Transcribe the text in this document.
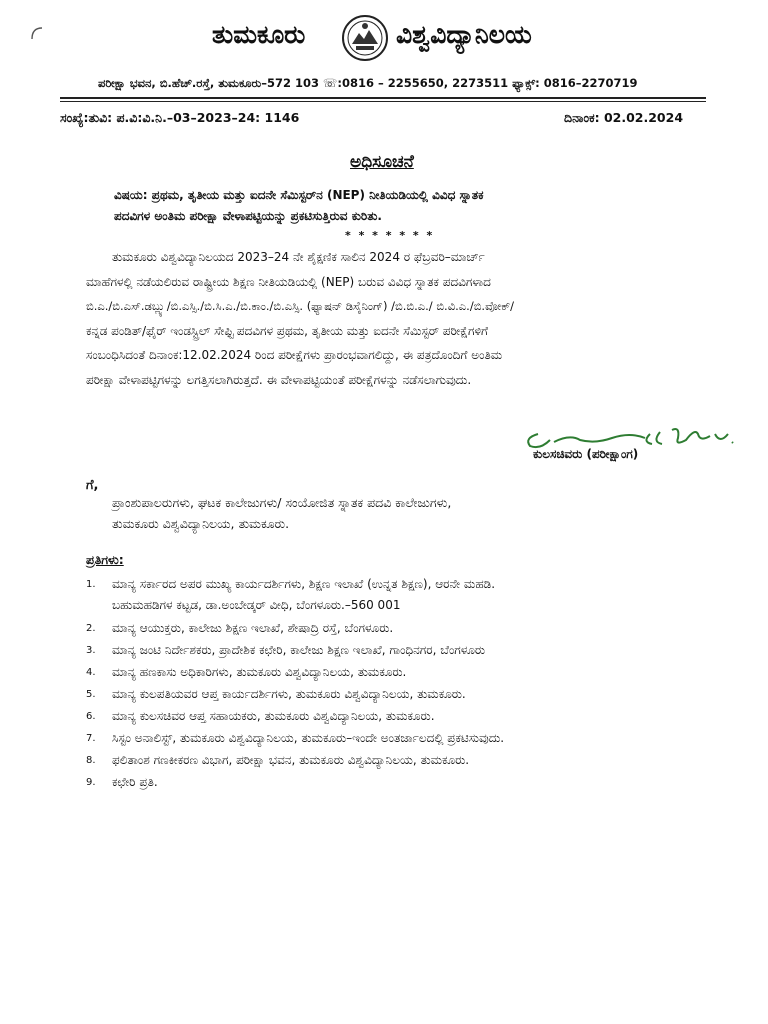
ತುಮಕೂರು	ವಿಶ್ವವಿದ್ಯಾನಿಲಯ
ಪರೀಕ್ಷಾ ಭವನ, ಬಿ.ಹೆಚ್.ರಸ್ತೆ, ತುಮಕೂರು–572 103 ☏:0816 – 2255650, 2273511 ಫ್ಯಾಕ್ಸ್: 0816–2270719
ಸಂಖ್ಯೆ:ತುವಿ: ಪ.ವಿ:ವಿ.ನಿ.–03–2023–24: 1146	ದಿನಾಂಕ: 02.02.2024
ಅಧಿಸೂಚನೆ
ವಿಷಯ: ಪ್ರಥಮ, ತೃತೀಯ ಮತ್ತು ಐದನೇ ಸೆಮಿಸ್ಟರ್‌ನ (NEP) ನೀತಿಯಡಿಯಲ್ಲಿ ವಿವಿಧ ಸ್ನಾತಕ
ಪದವಿಗಳ ಅಂತಿಮ ಪರೀಕ್ಷಾ ವೇಳಾಪಟ್ಟಿಯನ್ನು ಪ್ರಕಟಿಸುತ್ತಿರುವ ಕುರಿತು.
* * * * * * *
ತುಮಕೂರು ವಿಶ್ವವಿದ್ಯಾನಿಲಯದ 2023–24 ನೇ ಶೈಕ್ಷಣಿಕ ಸಾಲಿನ 2024 ರ ಫೆಬ್ರವರಿ–ಮಾರ್ಚ್
ಮಾಹೆಗಳಲ್ಲಿ ನಡೆಯಲಿರುವ ರಾಷ್ಟ್ರೀಯ ಶಿಕ್ಷಣ ನೀತಿಯಡಿಯಲ್ಲಿ (NEP) ಬರುವ ವಿವಿಧ ಸ್ನಾತಕ ಪದವಿಗಳಾದ
ಬಿ.ಎ./ಬಿ.ಎಸ್.ಡಬ್ಲ್ಯು/ಬಿ.ಎಸ್ಸಿ./ಬಿ.ಸಿ.ಎ./ಬಿ.ಕಾಂ./ಬಿ.ಎಸ್ಸಿ. (ಫ್ಯಾಷನ್ ಡಿಸೈನಿಂಗ್) /ಬಿ.ಬಿ.ಎ./ ಬಿ.ವಿ.ಎ./ಬಿ.ವೋಕ್/
ಕನ್ನಡ ಪಂಡಿತ್/ಫೈರ್ ಇಂಡಸ್ಟ್ರಿಲ್ ಸೇಫ್ಟಿ ಪದವಿಗಳ ಪ್ರಥಮ, ತೃತೀಯ ಮತ್ತು ಐದನೇ ಸೆಮಿಸ್ಟರ್ ಪರೀಕ್ಷೆಗಳಿಗೆ
ಸಂಬಂಧಿಸಿದಂತೆ ದಿನಾಂಕ:12.02.2024 ರಿಂದ ಪರೀಕ್ಷೆಗಳು ಪ್ರಾರಂಭವಾಗಲಿದ್ದು, ಈ ಪತ್ರದೊಂದಿಗೆ ಅಂತಿಮ
ಪರೀಕ್ಷಾ ವೇಳಾಪಟ್ಟಿಗಳನ್ನು ಲಗತ್ತಿಸಲಾಗಿರುತ್ತದೆ. ಈ ವೇಳಾಪಟ್ಟಿಯಂತೆ ಪರೀಕ್ಷೆಗಳನ್ನು ನಡೆಸಲಾಗುವುದು.
ಕುಲಸಚಿವರು (ಪರೀಕ್ಷಾಂಗ)
ಗೆ,
ಪ್ರಾಂಶುಪಾಲರುಗಳು, ಘಟಕ ಕಾಲೇಜುಗಳು/ ಸಂಯೋಜಿತ ಸ್ನಾತಕ ಪದವಿ ಕಾಲೇಜುಗಳು,
ತುಮಕೂರು ವಿಶ್ವವಿದ್ಯಾನಿಲಯ, ತುಮಕೂರು.
ಪ್ರತಿಗಳು:
1. ಮಾನ್ಯ ಸರ್ಕಾರದ ಅಪರ ಮುಖ್ಯ ಕಾರ್ಯದರ್ಶಿಗಳು, ಶಿಕ್ಷಣ ಇಲಾಖೆ (ಉನ್ನತ ಶಿಕ್ಷಣ), ಆರನೇ ಮಹಡಿ.
ಬಹುಮಹಡಿಗಳ ಕಟ್ಟಡ, ಡಾ.ಅಂಬೇಡ್ಕರ್ ವೀಧಿ, ಬೆಂಗಳೂರು.–560 001
2. ಮಾನ್ಯ ಆಯುಕ್ತರು, ಕಾಲೇಜು ಶಿಕ್ಷಣ ಇಲಾಖೆ, ಶೇಷಾದ್ರಿ ರಸ್ತೆ, ಬೆಂಗಳೂರು.
3. ಮಾನ್ಯ ಜಂಟಿ ನಿರ್ದೇಶಕರು, ಪ್ರಾದೇಶಿಕ ಕಛೇರಿ, ಕಾಲೇಜು ಶಿಕ್ಷಣ ಇಲಾಖೆ, ಗಾಂಧಿನಗರ, ಬೆಂಗಳೂರು
4. ಮಾನ್ಯ ಹಣಕಾಸು ಅಧಿಕಾರಿಗಳು, ತುಮಕೂರು ವಿಶ್ವವಿದ್ಯಾನಿಲಯ, ತುಮಕೂರು.
5. ಮಾನ್ಯ ಕುಲಪತಿಯವರ ಆಪ್ತ ಕಾರ್ಯದರ್ಶಿಗಳು, ತುಮಕೂರು ವಿಶ್ವವಿದ್ಯಾನಿಲಯ, ತುಮಕೂರು.
6. ಮಾನ್ಯ ಕುಲಸಚಿವರ ಆಪ್ತ ಸಹಾಯಕರು, ತುಮಕೂರು ವಿಶ್ವವಿದ್ಯಾನಿಲಯ, ತುಮಕೂರು.
7. ಸಿಸ್ಟಂ ಅನಾಲಿಸ್ಟ್, ತುಮಕೂರು ವಿಶ್ವವಿದ್ಯಾನಿಲಯ, ತುಮಕೂರು–ಇಂದೇ ಅಂತರ್ಜಾಲದಲ್ಲಿ ಪ್ರಕಟಿಸುವುದು.
8. ಫಲಿತಾಂಶ ಗಣಕೀಕರಣ ವಿಭಾಗ, ಪರೀಕ್ಷಾ ಭವನ, ತುಮಕೂರು ವಿಶ್ವವಿದ್ಯಾನಿಲಯ, ತುಮಕೂರು.
9. ಕಛೇರಿ ಪ್ರತಿ.
